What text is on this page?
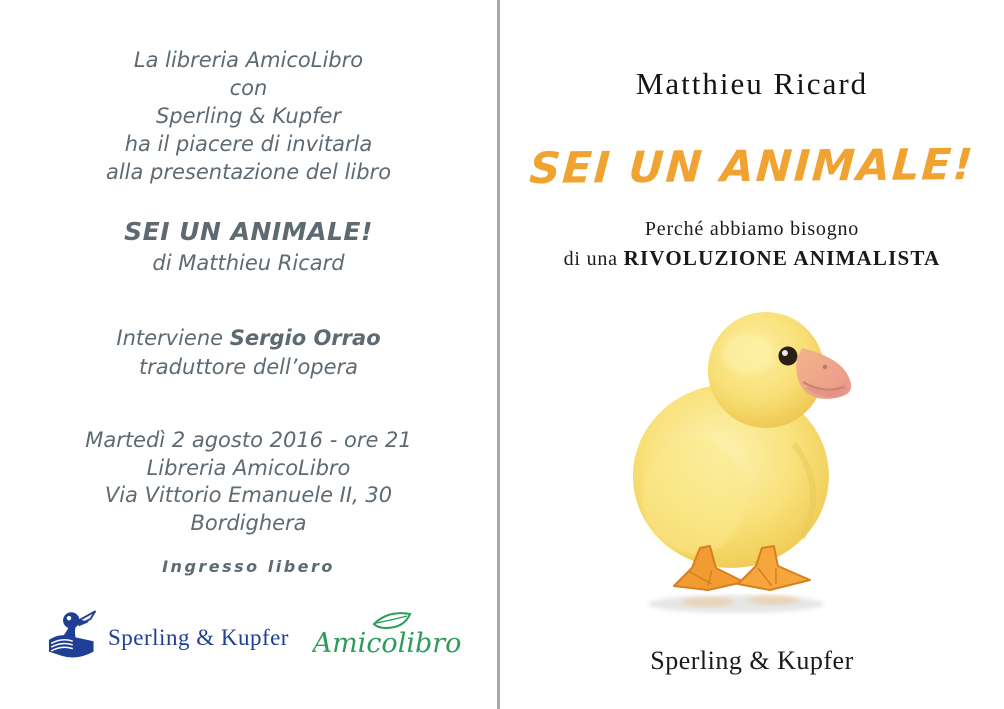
La libreria AmicoLibro
con
Sperling & Kupfer
ha il piacere di invitarla
alla presentazione del libro
SEI UN ANIMALE!
di Matthieu Ricard
Interviene Sergio Orrao
traduttore dell’opera
Martedì 2 agosto 2016 - ore 21
Libreria AmicoLibro
Via Vittorio Emanuele II, 30
Bordighera
Ingresso libero
Sperling & Kupfer Amicolibro
Matthieu Ricard
SEI UN ANIMALE!
Perché abbiamo bisogno
di una RIVOLUZIONE ANIMALISTA
Sperling & Kupfer
